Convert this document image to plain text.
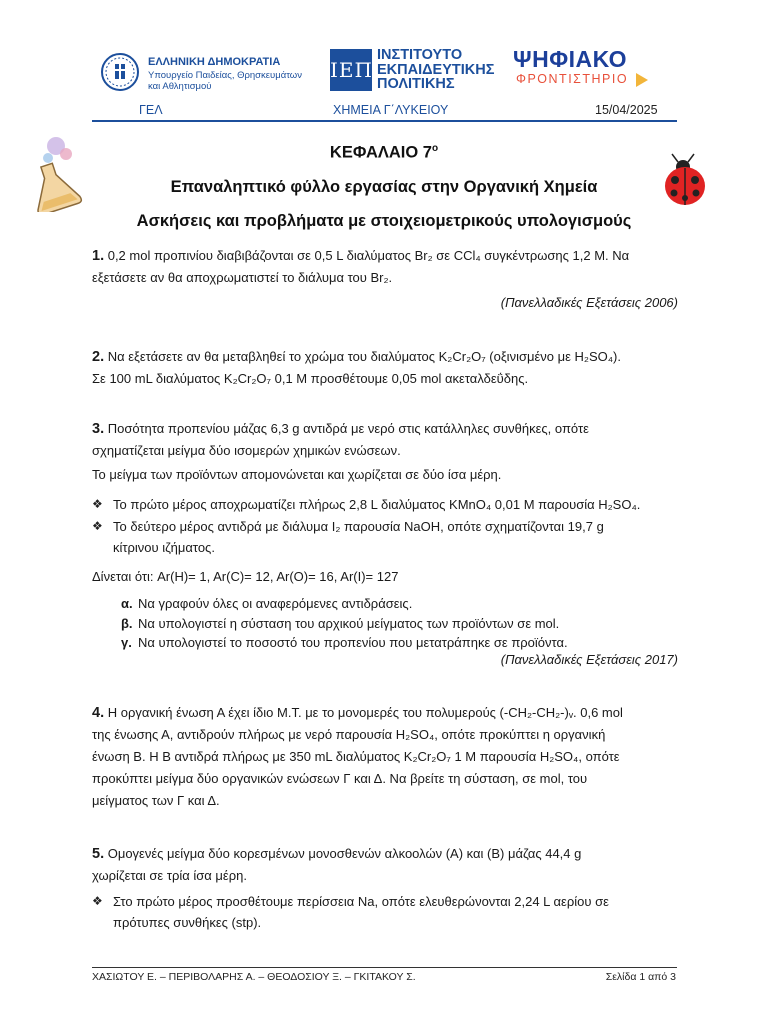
ΕΛΛΗΝΙΚΗ ΔΗΜΟΚΡΑΤΙΑ
Υπουργείο Παιδείας, Θρησκευμάτων
και Αθλητισμού
ΙΕΠ
ΙΝΣΤΙΤΟΥΤΟ
ΕΚΠΑΙΔΕΥΤΙΚΗΣ
ΠΟΛΙΤΙΚΗΣ
ΨΗΦΙΑΚΟ
ΦΡΟΝΤΙΣΤΗΡΙΟ
ΓΕΛ	ΧΗΜΕΙΑ Γ΄ΛΥΚΕΙΟΥ	15/04/2025
ΚΕΦΑΛΑΙΟ $7^o$
Επαναληπτικό φύλλο εργασίας στην Οργανική Χημεία
Ασκήσεις και προβλήματα με στοιχειομετρικούς υπολογισμούς
1. 0,2 mol προπινίου διαβιβάζονται σε 0,5 L διαλύματος Br₂ σε CCl₄ συγκέντρωσης 1,2 M. Να
εξετάσετε αν θα αποχρωματιστεί το διάλυμα του Br₂.
(Πανελλαδικές Εξετάσεις 2006)
2. Να εξετάσετε αν θα μεταβληθεί το χρώμα του διαλύματος K₂Cr₂O₇ (οξινισμένο με H₂SO₄).
Σε 100 mL διαλύματος K₂Cr₂O₇ 0,1 M προσθέτουμε 0,05 mol ακεταλδεΰδης.
3. Ποσότητα προπενίου μάζας 6,3 g αντιδρά με νερό στις κατάλληλες συνθήκες, οπότε
σχηματίζεται μείγμα δύο ισομερών χημικών ενώσεων.
Το μείγμα των προϊόντων απομονώνεται και χωρίζεται σε δύο ίσα μέρη.
❖ Το πρώτο μέρος αποχρωματίζει πλήρως 2,8 L διαλύματος KMnO₄ 0,01 M παρουσία H₂SO₄.
❖ Το δεύτερο μέρος αντιδρά με διάλυμα I₂ παρουσία NaOH, οπότε σχηματίζονται 19,7 g
κίτρινου ιζήματος.
Δίνεται ότι: Ar(H)= 1, Ar(C)= 12, Ar(O)= 16, Ar(I)= 127
α. Να γραφούν όλες οι αναφερόμενες αντιδράσεις.
β. Να υπολογιστεί η σύσταση του αρχικού μείγματος των προϊόντων σε mol.
γ. Να υπολογιστεί το ποσοστό του προπενίου που μετατράπηκε σε προϊόντα.
(Πανελλαδικές Εξετάσεις 2017)
4. Η οργανική ένωση Α έχει ίδιο Μ.Τ. με το μονομερές του πολυμερούς (-CH₂-CH₂-)ᵥ. 0,6 mol
της ένωσης Α, αντιδρούν πλήρως με νερό παρουσία H₂SO₄, οπότε προκύπτει η οργανική
ένωση Β. Η Β αντιδρά πλήρως με 350 mL διαλύματος K₂Cr₂O₇ 1 M παρουσία H₂SO₄, οπότε
προκύπτει μείγμα δύο οργανικών ενώσεων Γ και Δ. Να βρείτε τη σύσταση, σε mol, του
μείγματος των Γ και Δ.
5. Ομογενές μείγμα δύο κορεσμένων μονοσθενών αλκοολών (Α) και (Β) μάζας 44,4 g
χωρίζεται σε τρία ίσα μέρη.
❖ Στο πρώτο μέρος προσθέτουμε περίσσεια Na, οπότε ελευθερώνονται 2,24 L αερίου σε
πρότυπες συνθήκες (stp).
ΧΑΣΙΩΤΟΥ Ε. – ΠΕΡΙΒΟΛΑΡΗΣ Α. – ΘΕΟΔΟΣΙΟΥ Ξ. – ΓΚΙΤΑΚΟΥ Σ.	Σελίδα 1 από 3
